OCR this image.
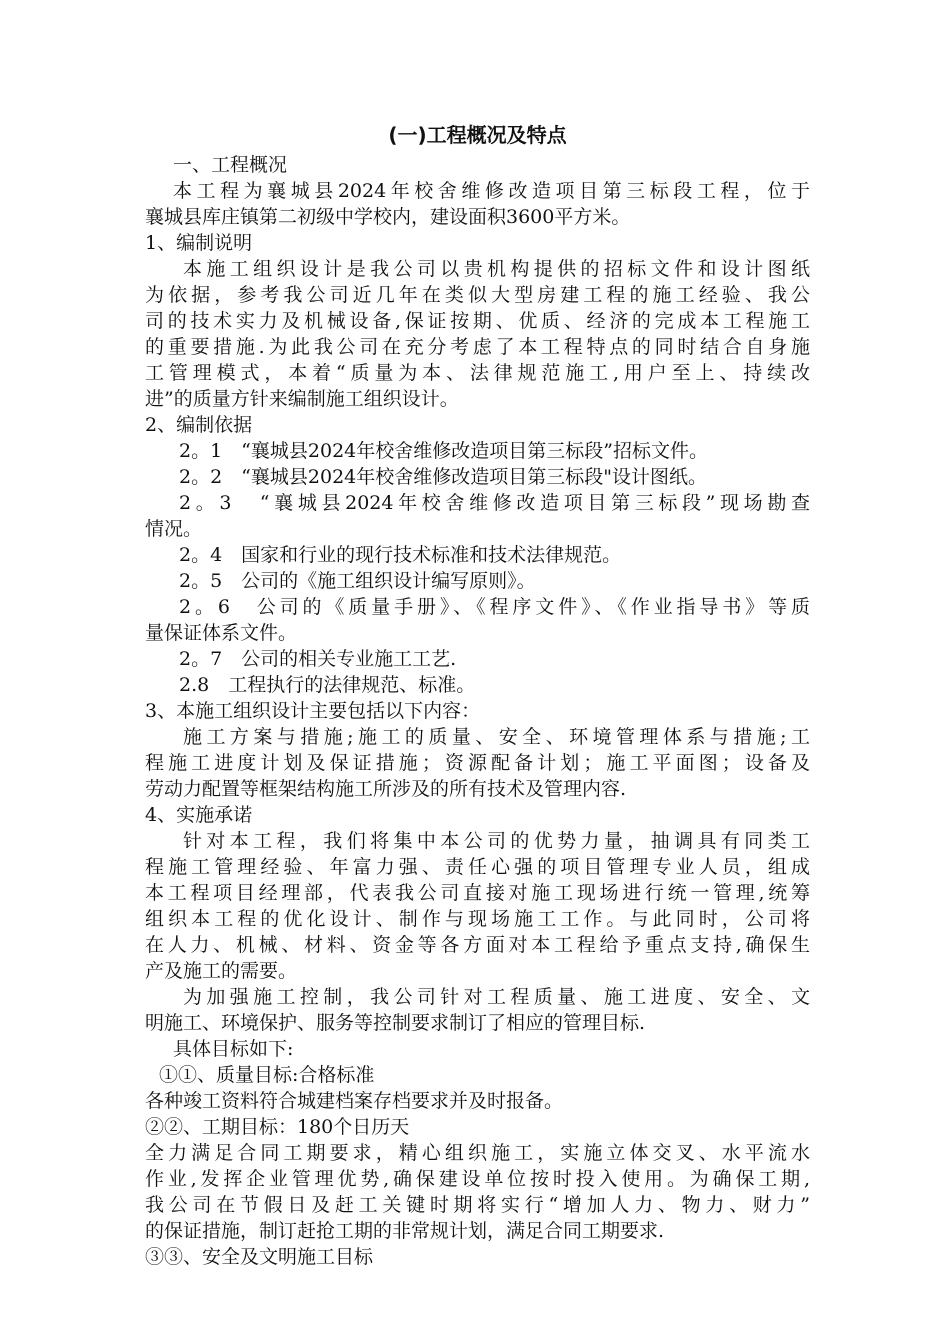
(一)工程概况及特点
一、工程概况
本工程为襄城县2024年校舍维修改造项目第三标段工程，位于
襄城县库庄镇第二初级中学校内，建设面积3600平方米。
1、编制说明
本施工组织设计是我公司以贵机构提供的招标文件和设计图纸
为依据，参考我公司近几年在类似大型房建工程的施工经验、我公
司的技术实力及机械设备,保证按期、优质、经济的完成本工程施工
的重要措施.为此我公司在充分考虑了本工程特点的同时结合自身施
工管理模式，本着“质量为本、法律规范施工,用户至上、持续改
进”的质量方针来编制施工组织设计。
2、编制依据
2。1　“襄城县2024年校舍维修改造项目第三标段”招标文件。
2。2　“襄城县2024年校舍维修改造项目第三标段"设计图纸。
2。3　“襄城县2024年校舍维修改造项目第三标段”现场勘查
情况。
2。4　国家和行业的现行技术标准和技术法律规范。
2。5　公司的《施工组织设计编写原则》。
2。6　公司的《质量手册》、《程序文件》、《作业指导书》等质
量保证体系文件。
2。7　公司的相关专业施工工艺.
2.8　工程执行的法律规范、标准。
3、本施工组织设计主要包括以下内容：
施工方案与措施;施工的质量、安全、环境管理体系与措施;工
程施工进度计划及保证措施；资源配备计划；施工平面图；设备及
劳动力配置等框架结构施工所涉及的所有技术及管理内容.
4、实施承诺
针对本工程，我们将集中本公司的优势力量，抽调具有同类工
程施工管理经验、年富力强、责任心强的项目管理专业人员，组成
本工程项目经理部，代表我公司直接对施工现场进行统一管理,统筹
组织本工程的优化设计、制作与现场施工工作。与此同时，公司将
在人力、机械、材料、资金等各方面对本工程给予重点支持,确保生
产及施工的需要。
为加强施工控制，我公司针对工程质量、施工进度、安全、文
明施工、环境保护、服务等控制要求制订了相应的管理目标.
具体目标如下:
①①、质量目标:合格标准
各种竣工资料符合城建档案存档要求并及时报备。
②②、工期目标：180个日历天
全力满足合同工期要求，精心组织施工，实施立体交叉、水平流水
作业,发挥企业管理优势,确保建设单位按时投入使用。为确保工期,
我公司在节假日及赶工关键时期将实行“增加人力、物力、财力”
的保证措施，制订赶抢工期的非常规计划，满足合同工期要求.
③③、安全及文明施工目标
